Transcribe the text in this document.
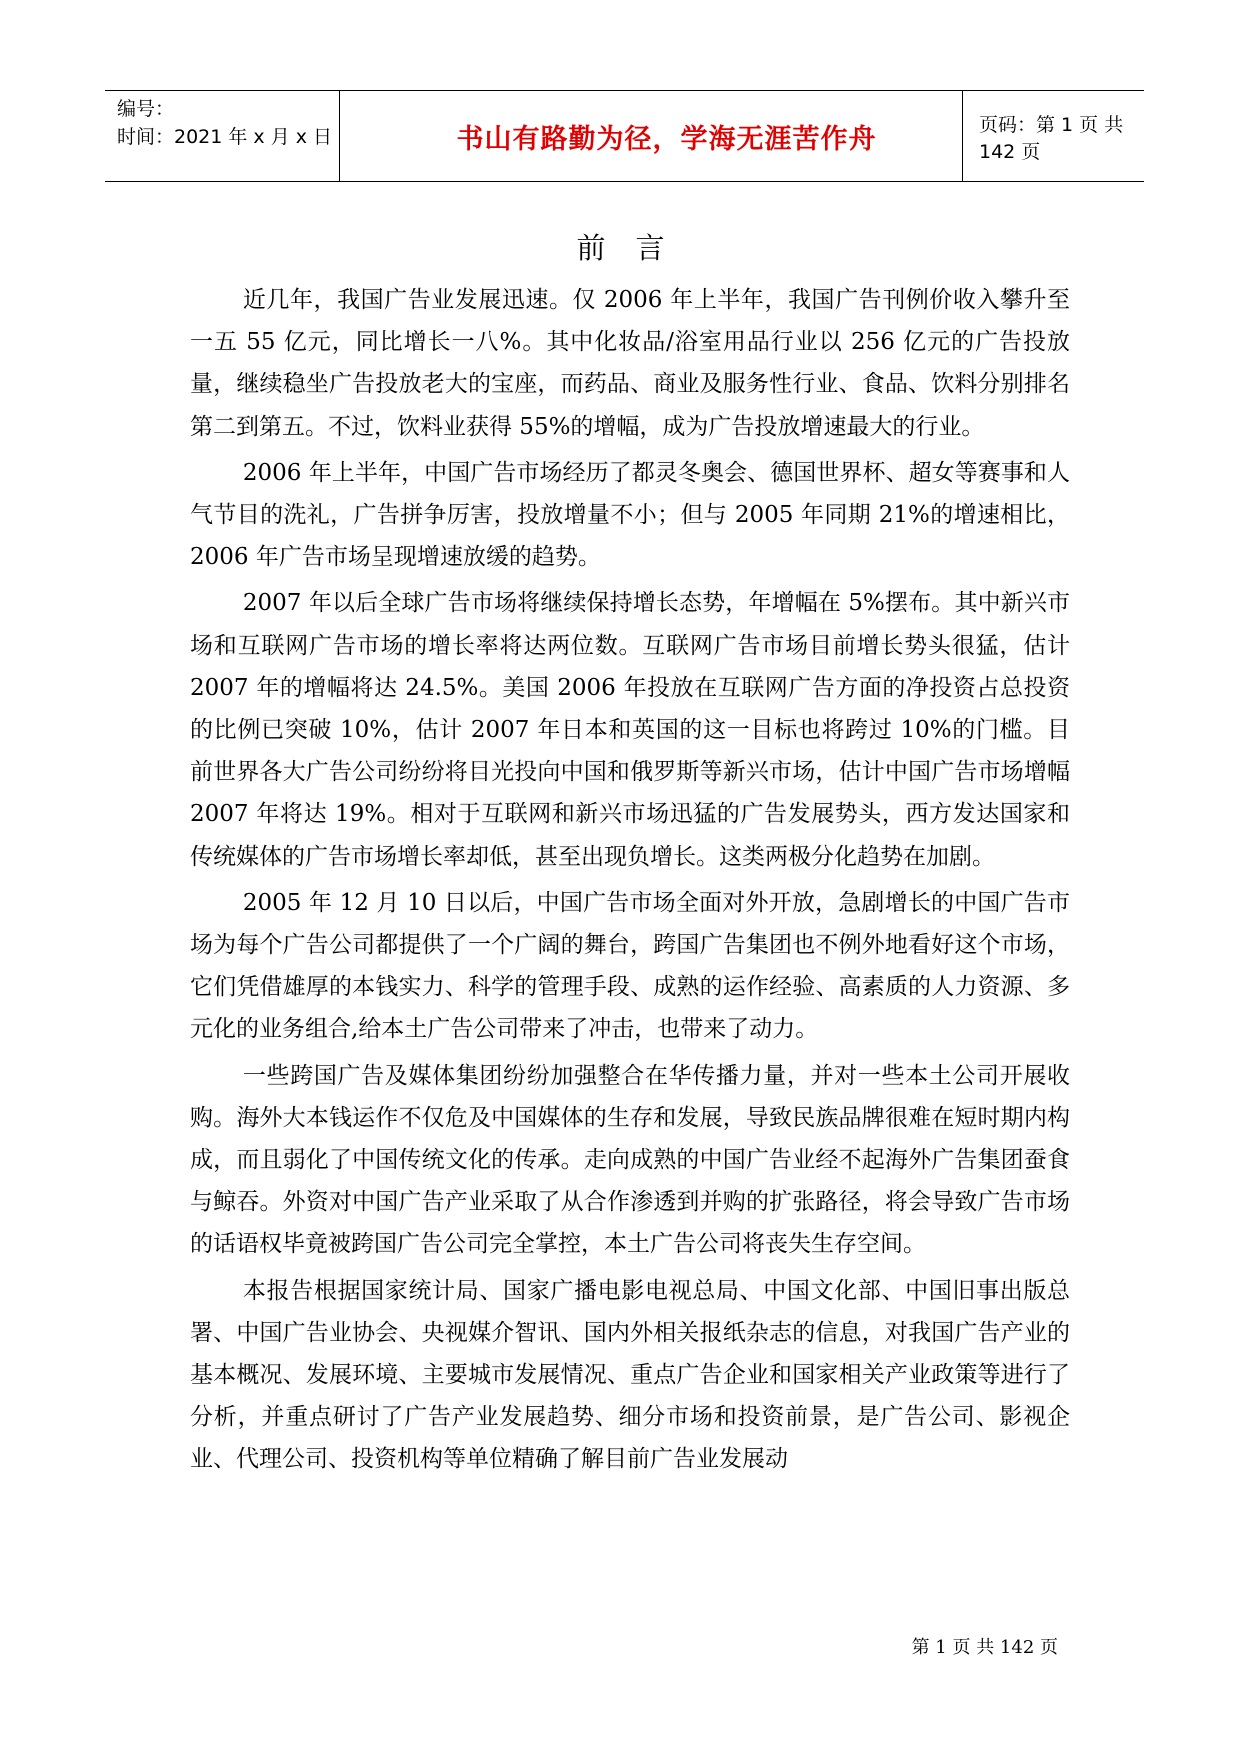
编号：
时间：2021 年 x 月 x 日	书山有路勤为径，学海无涯苦作舟	页码：第 1 页 共 142 页
前言

近几年，我国广告业发展迅速。仅 2006 年上半年，我国广告刊例价收入攀升至一五 55 亿元，同比增长一八%。其中化妆品/浴室用品行业以 256 亿元的广告投放量，继续稳坐广告投放老大的宝座，而药品、商业及服务性行业、食品、饮料分别排名第二到第五。不过，饮料业获得 55%的增幅，成为广告投放增速最大的行业。

2006 年上半年，中国广告市场经历了都灵冬奥会、德国世界杯、超女等赛事和人气节目的洗礼，广告拼争厉害，投放增量不小；但与 2005 年同期 21%的增速相比，2006 年广告市场呈现增速放缓的趋势。

2007 年以后全球广告市场将继续保持增长态势，年增幅在 5%摆布。其中新兴市场和互联网广告市场的增长率将达两位数。互联网广告市场目前增长势头很猛，估计 2007 年的增幅将达 24.5%。美国 2006 年投放在互联网广告方面的净投资占总投资的比例已突破 10%，估计 2007 年日本和英国的这一目标也将跨过 10%的门槛。目前世界各大广告公司纷纷将目光投向中国和俄罗斯等新兴市场，估计中国广告市场增幅 2007 年将达 19%。相对于互联网和新兴市场迅猛的广告发展势头，西方发达国家和传统媒体的广告市场增长率却低，甚至出现负增长。这类两极分化趋势在加剧。

2005 年 12 月 10 日以后，中国广告市场全面对外开放，急剧增长的中国广告市场为每个广告公司都提供了一个广阔的舞台，跨国广告集团也不例外地看好这个市场，它们凭借雄厚的本钱实力、科学的管理手段、成熟的运作经验、高素质的人力资源、多元化的业务组合,给本土广告公司带来了冲击，也带来了动力。

一些跨国广告及媒体集团纷纷加强整合在华传播力量，并对一些本土公司开展收购。海外大本钱运作不仅危及中国媒体的生存和发展，导致民族品牌很难在短时期内构成，而且弱化了中国传统文化的传承。走向成熟的中国广告业经不起海外广告集团蚕食与鲸吞。外资对中国广告产业采取了从合作渗透到并购的扩张路径，将会导致广告市场的话语权毕竟被跨国广告公司完全掌控，本土广告公司将丧失生存空间。

本报告根据国家统计局、国家广播电影电视总局、中国文化部、中国旧事出版总署、中国广告业协会、央视媒介智讯、国内外相关报纸杂志的信息，对我国广告产业的基本概况、发展环境、主要城市发展情况、重点广告企业和国家相关产业政策等进行了分析，并重点研讨了广告产业发展趋势、细分市场和投资前景，是广告公司、影视企业、代理公司、投资机构等单位精确了解目前广告业发展动

第 1 页 共 142 页
